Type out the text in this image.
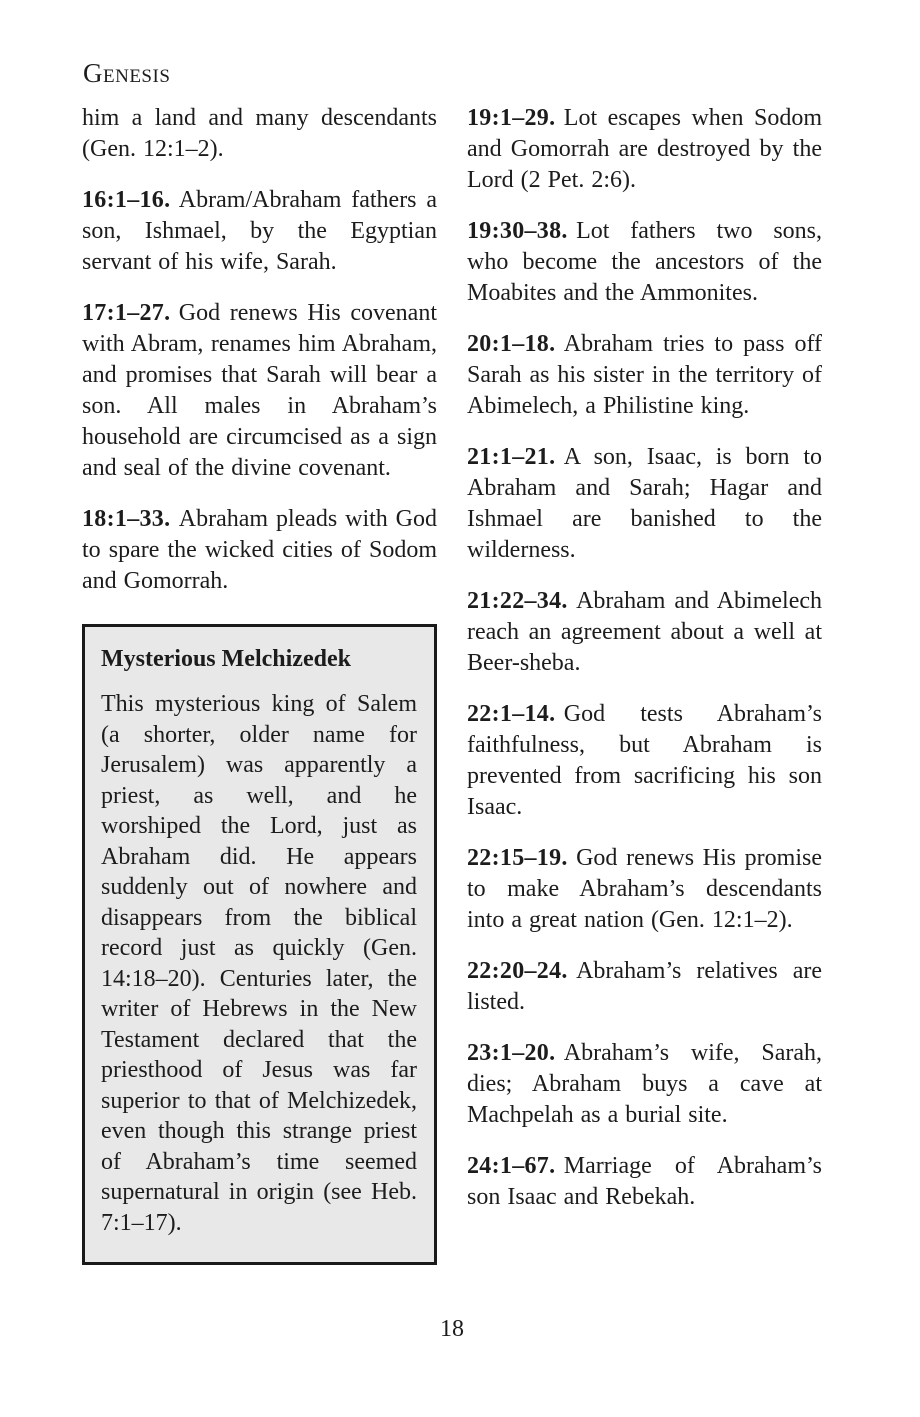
Genesis

him a land and many descendants (Gen. 12:1–2).

16:1–16. Abram/Abraham fathers a son, Ishmael, by the Egyptian servant of his wife, Sarah.

17:1–27. God renews His covenant with Abram, renames him Abraham, and promises that Sarah will bear a son. All males in Abraham’s household are circumcised as a sign and seal of the divine covenant.

18:1–33. Abraham pleads with God to spare the wicked cities of Sodom and Gomorrah.

Mysterious Melchizedek
This mysterious king of Salem (a shorter, older name for Jerusalem) was apparently a priest, as well, and he worshiped the Lord, just as Abraham did. He appears suddenly out of nowhere and disappears from the biblical record just as quickly (Gen. 14:18–20). Centuries later, the writer of Hebrews in the New Testament declared that the priesthood of Jesus was far superior to that of Melchizedek, even though this strange priest of Abraham’s time seemed supernatural in origin (see Heb. 7:1–17).

19:1–29. Lot escapes when Sodom and Gomorrah are destroyed by the Lord (2 Pet. 2:6).

19:30–38. Lot fathers two sons, who become the ancestors of the Moabites and the Ammonites.

20:1–18. Abraham tries to pass off Sarah as his sister in the territory of Abimelech, a Philistine king.

21:1–21. A son, Isaac, is born to Abraham and Sarah; Hagar and Ishmael are banished to the wilderness.

21:22–34. Abraham and Abimelech reach an agreement about a well at Beer-sheba.

22:1–14. God tests Abraham’s faithfulness, but Abraham is prevented from sacrificing his son Isaac.

22:15–19. God renews His promise to make Abraham’s descendants into a great nation (Gen. 12:1–2).

22:20–24. Abraham’s relatives are listed.

23:1–20. Abraham’s wife, Sarah, dies; Abraham buys a cave at Machpelah as a burial site.

24:1–67. Marriage of Abraham’s son Isaac and Rebekah.

18
